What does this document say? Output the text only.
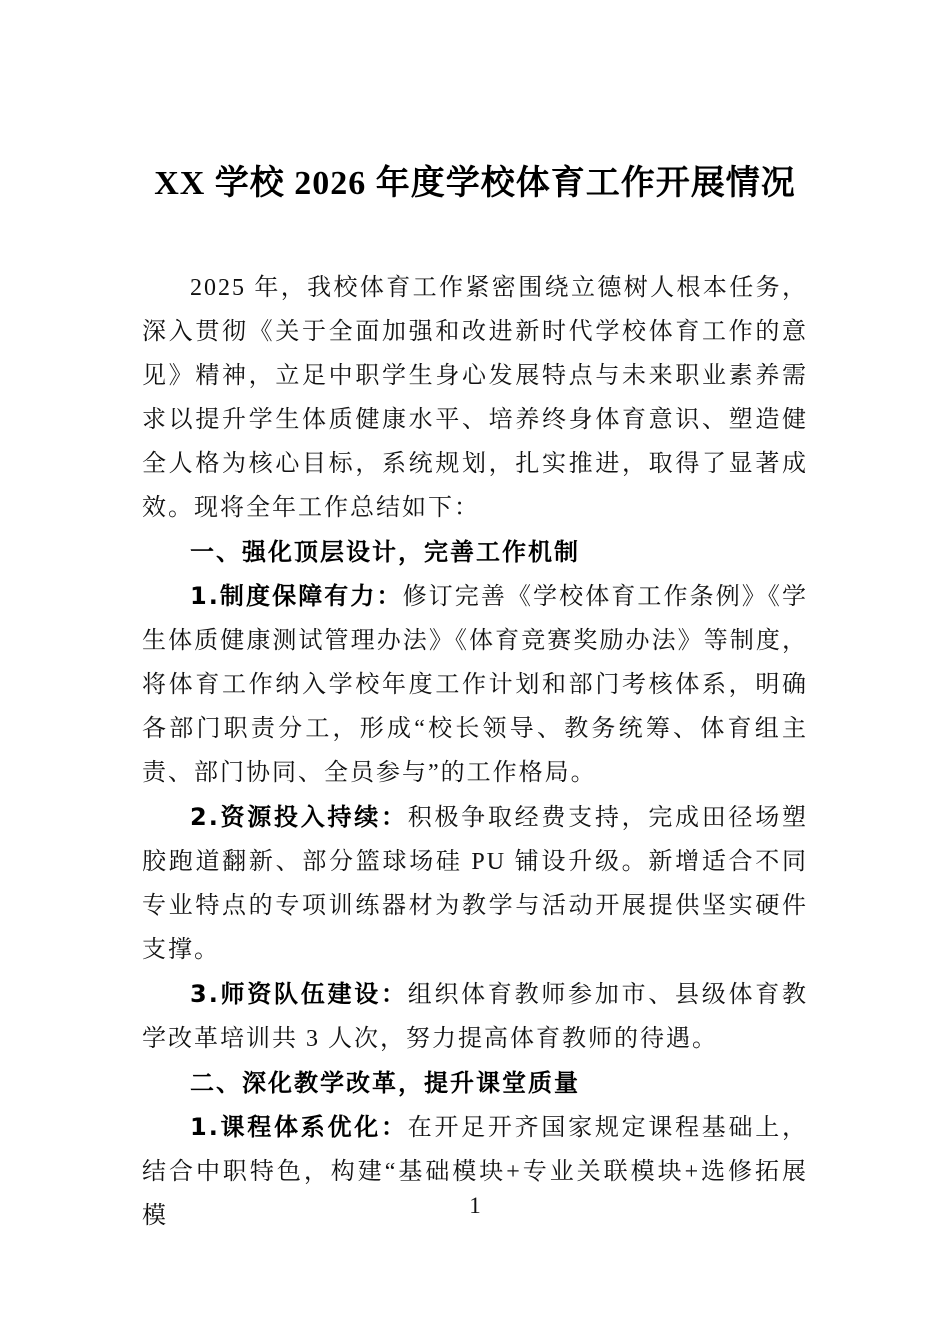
XX 学校 2026 年度学校体育工作开展情况

2025 年，我校体育工作紧密围绕立德树人根本任务，深入贯彻《关于全面加强和改进新时代学校体育工作的意见》精神，立足中职学生身心发展特点与未来职业素养需求以提升学生体质健康水平、培养终身体育意识、塑造健全人格为核心目标，系统规划，扎实推进，取得了显著成效。现将全年工作总结如下：

一、强化顶层设计，完善工作机制

1.制度保障有力：修订完善《学校体育工作条例》《学生体质健康测试管理办法》《体育竞赛奖励办法》等制度，将体育工作纳入学校年度工作计划和部门考核体系，明确各部门职责分工，形成“校长领导、教务统筹、体育组主责、部门协同、全员参与”的工作格局。

2.资源投入持续：积极争取经费支持，完成田径场塑胶跑道翻新、部分篮球场硅 PU 铺设升级。新增适合不同专业特点的专项训练器材为教学与活动开展提供坚实硬件支撑。

3.师资队伍建设：组织体育教师参加市、县级体育教学改革培训共 3 人次，努力提高体育教师的待遇。

二、深化教学改革，提升课堂质量

1.课程体系优化：在开足开齐国家规定课程基础上，结合中职特色，构建“基础模块+专业关联模块+选修拓展模	1
